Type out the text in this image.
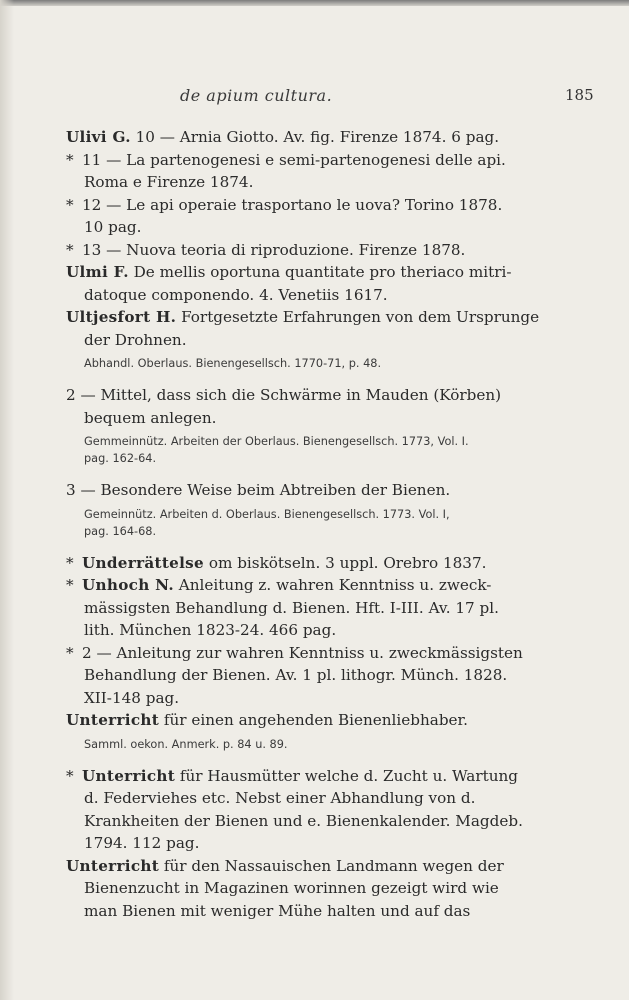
de apium cultura.	185
Ulivi G. 10 — Arnia Giotto. Av. fig. Firenze 1874. 6 pag.
* 11 — La partenogenesi e semi-partenogenesi delle api.
Roma e Firenze 1874.
* 12 — Le api operaie trasportano le uova? Torino 1878.
10 pag.
* 13 — Nuova teoria di riproduzione. Firenze 1878.
Ulmi F. De mellis oportuna quantitate pro theriaco mitri-
datoque componendo. 4. Venetiis 1617.
Ultjesfort H. Fortgesetzte Erfahrungen von dem Ursprunge
der Drohnen.
Abhandl. Oberlaus. Bienengesellsch. 1770-71, p. 48.
2 — Mittel, dass sich die Schwärme in Mauden (Körben)
bequem anlegen.
Gemmeinnütz. Arbeiten der Oberlaus. Bienengesellsch. 1773, Vol. I.
pag. 162-64.
3 — Besondere Weise beim Abtreiben der Bienen.
Gemeinnütz. Arbeiten d. Oberlaus. Bienengesellsch. 1773. Vol. I,
pag. 164-68.
* Underrättelse om biskötseln. 3 uppl. Orebro 1837.
* Unhoch N. Anleitung z. wahren Kenntniss u. zweck-
mässigsten Behandlung d. Bienen. Hft. I-III. Av. 17 pl.
lith. München 1823-24. 466 pag.
* 2 — Anleitung zur wahren Kenntniss u. zweckmässigsten
Behandlung der Bienen. Av. 1 pl. lithogr. Münch. 1828.
XII-148 pag.
Unterricht für einen angehenden Bienenliebhaber.
Samml. oekon. Anmerk. p. 84 u. 89.
* Unterricht für Hausmütter welche d. Zucht u. Wartung
d. Federviehes etc. Nebst einer Abhandlung von d.
Krankheiten der Bienen und e. Bienenkalender. Magdeb.
1794. 112 pag.
Unterricht für den Nassauischen Landmann wegen der
Bienenzucht in Magazinen worinnen gezeigt wird wie
man Bienen mit weniger Mühe halten und auf das
